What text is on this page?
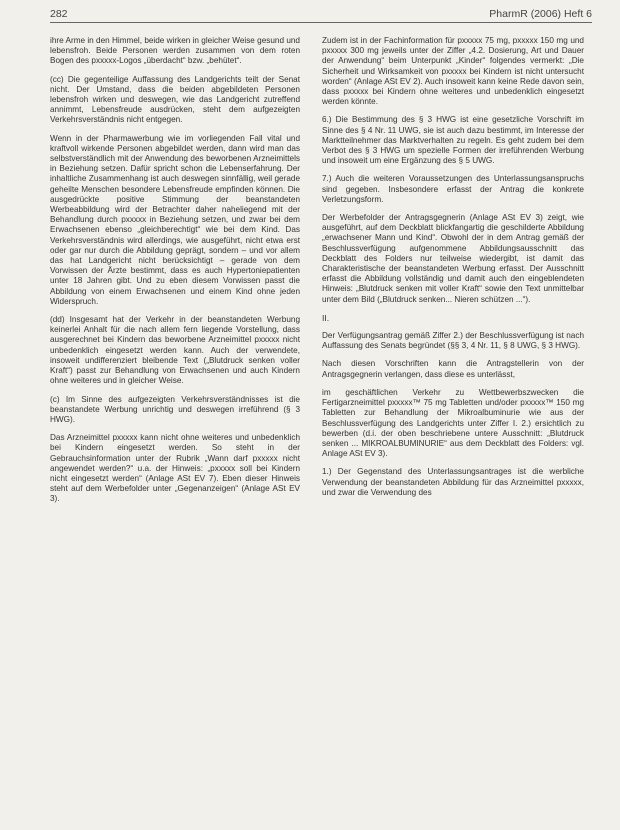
282	PharmR (2006) Heft 6

ihre Arme in den Himmel, beide wirken in gleicher Weise gesund und lebensfroh. Beide Personen werden zusammen von dem roten Bogen des pxxxxx-Logos „überdacht“ bzw. „behütet“.

(cc) Die gegenteilige Auffassung des Landgerichts teilt der Senat nicht. Der Umstand, dass die beiden abgebildeten Personen lebensfroh wirken und deswegen, wie das Landgericht zutreffend annimmt, Lebensfreude ausdrücken, steht dem aufgezeigten Verkehrsverständnis nicht entgegen.

Wenn in der Pharmawerbung wie im vorliegenden Fall vital und kraftvoll wirkende Personen abgebildet werden, dann wird man das selbstverständlich mit der Anwendung des beworbenen Arzneimittels in Beziehung setzen. Dafür spricht schon die Lebenserfahrung. Der inhaltliche Zusammenhang ist auch deswegen sinnfällig, weil gerade geheilte Menschen besondere Lebensfreude empfinden können. Die ausgedrückte positive Stimmung der beanstandeten Werbeabbildung wird der Betrachter daher naheliegend mit der Behandlung durch pxxxxx in Beziehung setzen, und zwar bei dem Erwachsenen ebenso „gleichberechtigt“ wie bei dem Kind. Das Verkehrsverständnis wird allerdings, wie ausgeführt, nicht etwa erst oder gar nur durch die Abbildung geprägt, sondern – und vor allem das hat Landgericht nicht berücksichtigt – gerade von dem Vorwissen der Ärzte bestimmt, dass es auch Hypertoniepatienten unter 18 Jahren gibt. Und zu eben diesem Vorwissen passt die Abbildung von einem Erwachsenen und einem Kind ohne jeden Widerspruch.

(dd) Insgesamt hat der Verkehr in der beanstandeten Werbung keinerlei Anhalt für die nach allem fern liegende Vorstellung, dass ausgerechnet bei Kindern das beworbene Arzneimittel pxxxxx nicht unbedenklich eingesetzt werden kann. Auch der verwendete, insoweit undifferenziert bleibende Text („Blutdruck senken voller Kraft“) passt zur Behandlung von Erwachsenen und auch Kindern ohne weiteres und in gleicher Weise.

(c) Im Sinne des aufgezeigten Verkehrsverständnisses ist die beanstandete Werbung unrichtig und deswegen irreführend (§ 3 HWG).

Das Arzneimittel pxxxxx kann nicht ohne weiteres und unbedenklich bei Kindern eingesetzt werden. So steht in der Gebrauchsinformation unter der Rubrik „Wann darf pxxxxx nicht angewendet werden?“ u.a. der Hinweis: „pxxxxx soll bei Kindern nicht eingesetzt werden“ (Anlage ASt EV 7). Eben dieser Hinweis steht auf dem Werbefolder unter „Gegenanzeigen“ (Anlage ASt EV 3).

Zudem ist in der Fachinformation für pxxxxx 75 mg, pxxxxx 150 mg und pxxxxx 300 mg jeweils unter der Ziffer „4.2. Dosierung, Art und Dauer der Anwendung“ beim Unterpunkt „Kinder“ folgendes vermerkt: „Die Sicherheit und Wirksamkeit von pxxxxx bei Kindern ist nicht untersucht worden“ (Anlage ASt EV 2). Auch insoweit kann keine Rede davon sein, dass pxxxxx bei Kindern ohne weiteres und unbedenklich eingesetzt werden könnte.

6.) Die Bestimmung des § 3 HWG ist eine gesetzliche Vorschrift im Sinne des § 4 Nr. 11 UWG, sie ist auch dazu bestimmt, im Interesse der Marktteilnehmer das Marktverhalten zu regeln. Es geht zudem bei dem Verbot des § 3 HWG um spezielle Formen der irreführenden Werbung und insoweit um eine Ergänzung des § 5 UWG.

7.) Auch die weiteren Voraussetzungen des Unterlassungsanspruchs sind gegeben. Insbesondere erfasst der Antrag die konkrete Verletzungsform.

Der Werbefolder der Antragsgegnerin (Anlage ASt EV 3) zeigt, wie ausgeführt, auf dem Deckblatt blickfangartig die geschilderte Abbildung „erwachsener Mann und Kind“. Obwohl der in dem Antrag gemäß der Beschlussverfügung aufgenommene Abbildungsausschnitt das Deckblatt des Folders nur teilweise wiedergibt, ist damit das Charakteristische der beanstandeten Werbung erfasst. Der Ausschnitt erfasst die Abbildung vollständig und damit auch den eingeblendeten Hinweis: „Blutdruck senken mit voller Kraft“ sowie den Text unmittelbar unter dem Bild („Blutdruck senken... Nieren schützen ...“).

II.

Der Verfügungsantrag gemäß Ziffer 2.) der Beschlussverfügung ist nach Auffassung des Senats begründet (§§ 3, 4 Nr. 11, § 8 UWG, § 3 HWG).

Nach diesen Vorschriften kann die Antragstellerin von der Antragsgegnerin verlangen, dass diese es unterlässt,

im geschäftlichen Verkehr zu Wettbewerbszwecken die Fertigarzneimittel pxxxxx™ 75 mg Tabletten und/oder pxxxxx™ 150 mg Tabletten zur Behandlung der Mikroalbuminurie wie aus der Beschlussverfügung des Landgerichts unter Ziffer I. 2.) ersichtlich zu bewerben (d.i. der oben beschriebene untere Ausschnitt: „Blutdruck senken ... MIKROALBUMINURIE“ aus dem Deckblatt des Folders: vgl. Anlage ASt EV 3).

1.) Der Gegenstand des Unterlassungsantrages ist die werbliche Verwendung der beanstandeten Abbildung für das Arzneimittel pxxxxx, und zwar die Verwendung des
